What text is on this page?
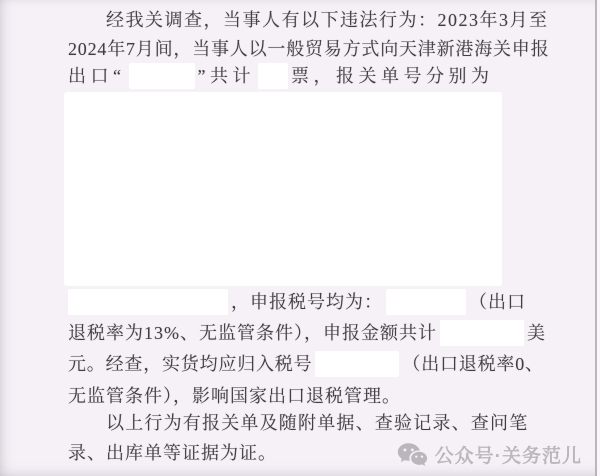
经我关调查，当事人有以下违法行为：2023年3月至
2024年7月间，当事人以一般贸易方式向天津新港海关申报
出口“	”共计 票，报关单号分别为
，申报税号均为：	（出口
退税率为13%、无监管条件），申报金额共计	美
元。经查，实货均应归入税号	（出口退税率0、
无监管条件），影响国家出口退税管理。
以上行为有报关单及随附单据、查验记录、查问笔
录、出库单等证据为证。	公众号·关务范儿
